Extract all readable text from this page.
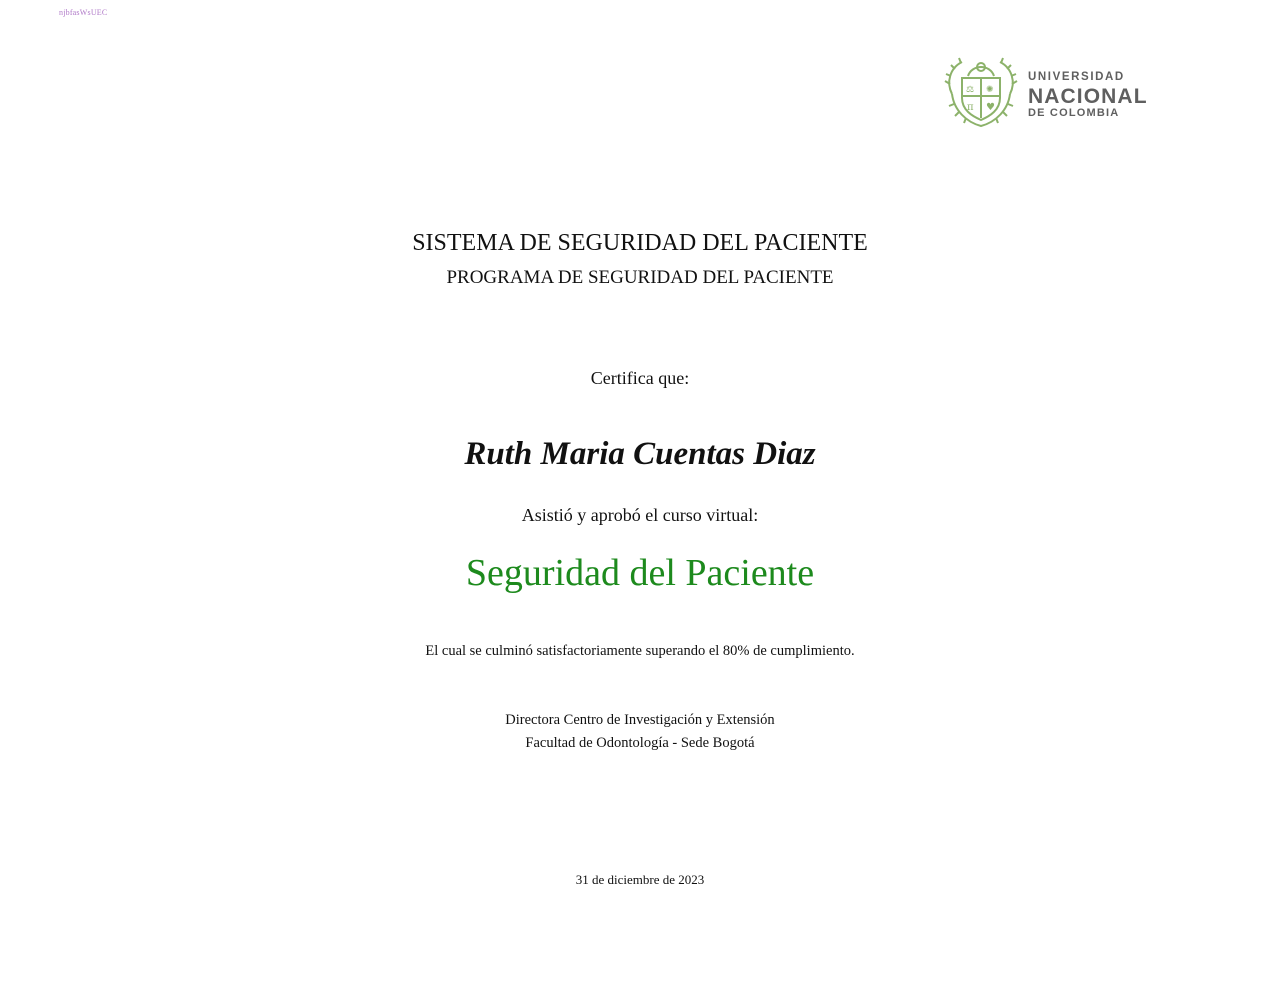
njbfasWsUEC
⚖ ✺
π ♥
UNIVERSIDAD
NACIONAL
DE COLOMBIA
SISTEMA DE SEGURIDAD DEL PACIENTE
PROGRAMA DE SEGURIDAD DEL PACIENTE
Certifica que:
Ruth Maria Cuentas Diaz
Asistió y aprobó el curso virtual:
Seguridad del Paciente
El cual se culminó satisfactoriamente superando el 80% de cumplimiento.
Directora Centro de Investigación y Extensión
Facultad de Odontología - Sede Bogotá
31 de diciembre de 2023
